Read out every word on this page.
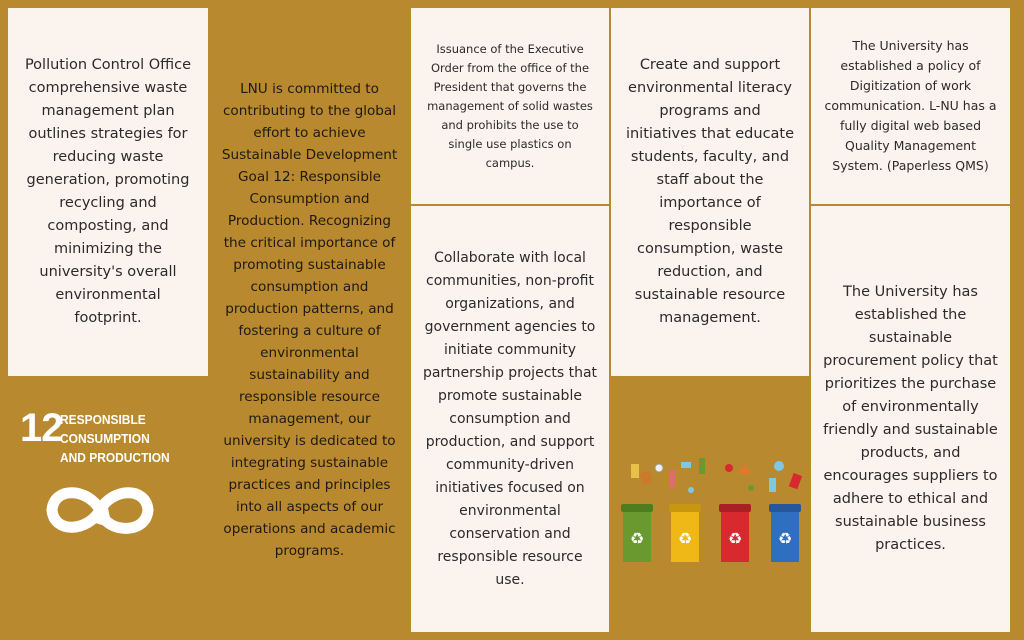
Pollution Control Office comprehensive waste management plan outlines strategies for reducing waste generation, promoting recycling and composting, and minimizing the university's overall environmental footprint.
LNU is committed to contributing to the global effort to achieve Sustainable Development Goal 12: Responsible Consumption and Production. Recognizing the critical importance of promoting sustainable consumption and production patterns, and fostering a culture of environmental sustainability and responsible resource management, our university is dedicated to integrating sustainable practices and principles into all aspects of our operations and academic programs.
Issuance of the Executive Order from the office of the President that governs the management of solid wastes and prohibits the use to single use plastics on campus.
Collaborate with local communities, non-profit organizations, and government agencies to initiate community partnership projects that promote sustainable consumption and production, and support community-driven initiatives focused on environmental conservation and responsible resource use.
Create and support environmental literacy programs and initiatives that educate students, faculty, and staff about the importance of responsible consumption, waste reduction, and sustainable resource management.
The University has established a policy of Digitization of work communication. L-NU has a fully digital web based Quality Management System. (Paperless QMS)
The University has established the sustainable procurement policy that prioritizes the purchase of environmentally friendly and sustainable products, and encourages suppliers to adhere to ethical and sustainable business practices.
12
RESPONSIBLE
CONSUMPTION
AND PRODUCTION
♻ ♻ ♻ ♻
